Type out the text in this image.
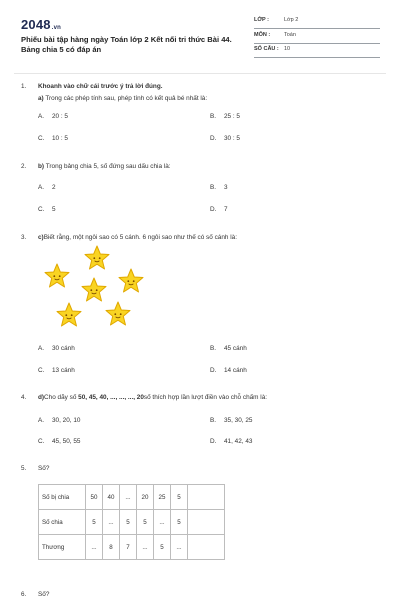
2048.vn
Phiếu bài tập hàng ngày Toán lớp 2 Kết nối tri thức Bài 44.
Bảng chia 5 có đáp án
LỚP :	Lớp 2
MÔN :	Toán
SỐ CÂU : 10
1. Khoanh vào chữ cái trước ý trả lời đúng.
a) Trong các phép tính sau, phép tính có kết quả bé nhất là:
A. 20 : 5	B. 25 : 5
C. 10 : 5	D. 30 : 5
2. b) Trong bảng chia 5, số đứng sau dấu chia là:
A. 2	B. 3
C. 5	D. 7
3. c)Biết rằng, một ngôi sao có 5 cánh. 6 ngôi sao như thế có số cánh là:
A. 30 cánh	B. 45 cánh
C. 13 cánh	D. 14 cánh
4. d)Cho dãy số 50, 45, 40, ..., ..., ..., 20số thích hợp lần lượt điền vào chỗ chấm là:
A. 30, 20, 10	B. 35, 30, 25
C. 45, 50, 55	D. 41, 42, 43
5. Số?
Số bị chia	50	40	...	20	25	5	
Số chia	5	...	5	5	...	5	
Thương	...	8	7	...	5	...	
6. Số?
